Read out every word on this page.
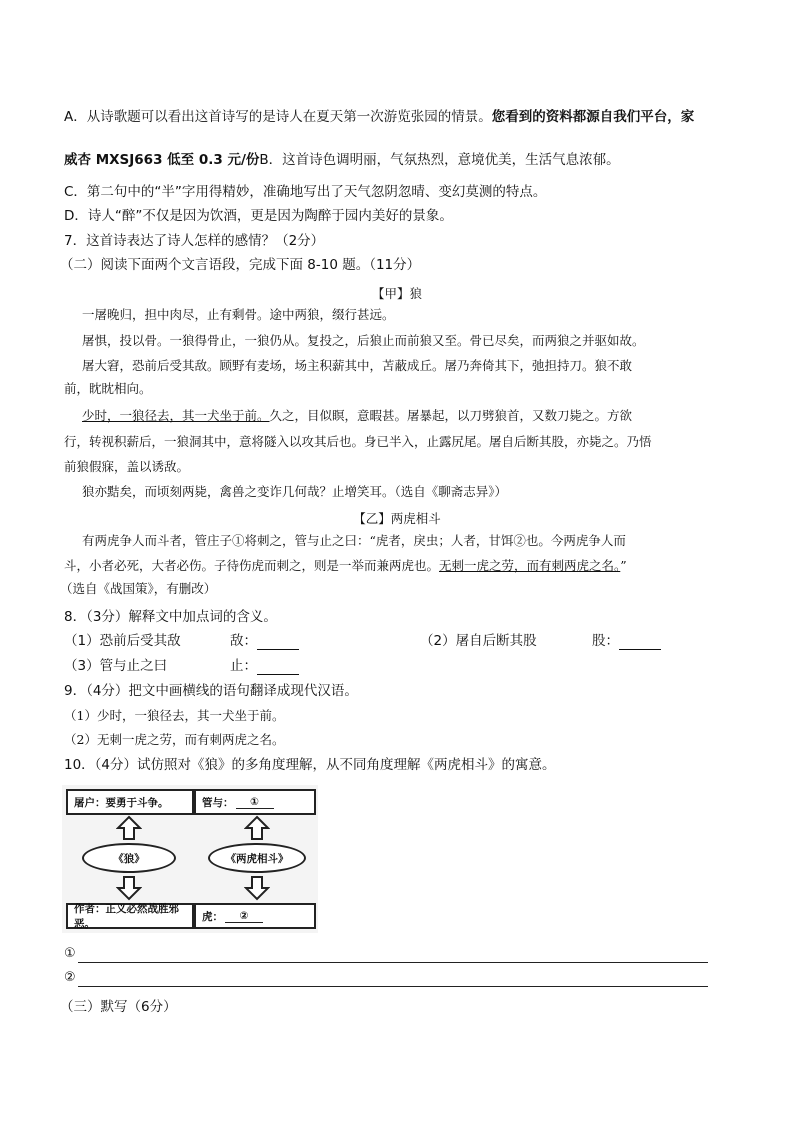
A．从诗歌题可以看出这首诗写的是诗人在夏天第一次游览张园的情景。您看到的资料都源自我们平台，家
威杏 MXSJ663 低至 0.3 元/份B．这首诗色调明丽，气氛热烈，意境优美，生活气息浓郁。
C．第二句中的“半”字用得精妙，准确地写出了天气忽阴忽晴、变幻莫测的特点。
D．诗人“醉”不仅是因为饮酒，更是因为陶醉于园内美好的景象。
7．这首诗表达了诗人怎样的感情？（2分）
（二）阅读下面两个文言语段，完成下面 8-10 题。（11分）
【甲】狼
一屠晚归，担中肉尽，止有剩骨。途中两狼，缀行甚远。
屠惧，投以骨。一狼得骨止，一狼仍从。复投之，后狼止而前狼又至。骨已尽矣，而两狼之并驱如故。
屠大窘，恐前后受其敌。顾野有麦场，场主积薪其中，苫蔽成丘。屠乃奔倚其下，弛担持刀。狼不敢
前，眈眈相向。
少时，一狼径去，其一犬坐于前。久之，目似瞑，意暇甚。屠暴起，以刀劈狼首，又数刀毙之。方欲
行，转视积薪后，一狼洞其中，意将隧入以攻其后也。身已半入，止露尻尾。屠自后断其股，亦毙之。乃悟
前狼假寐，盖以诱敌。
狼亦黠矣，而顷刻两毙，禽兽之变诈几何哉？止增笑耳。（选自《聊斋志异》）
【乙】两虎相斗
有两虎争人而斗者，管庄子①将刺之，管与止之曰：“虎者，戾虫；人者，甘饵②也。今两虎争人而
斗，小者必死，大者必伤。子待伤虎而刺之，则是一举而兼两虎也。无刺一虎之劳，而有刺两虎之名。”
（选自《战国策》，有删改）
8．（3分）解释文中加点词的含义。
（1）恐前后受其敌	敌：	（2）屠自后断其股	股：
（3）管与止之曰	止：
9．（4分）把文中画横线的语句翻译成现代汉语。
（1）少时，一狼径去，其一犬坐于前。
（2）无刺一虎之劳，而有刺两虎之名。
10．（4分）试仿照对《狼》的多角度理解，从不同角度理解《两虎相斗》的寓意。
屠户：要勇于斗争。	管与：	①
《狼》	《两虎相斗》
作者：正义必然战胜邪恶。
虎：	②
①
②
（三）默写（6分）
